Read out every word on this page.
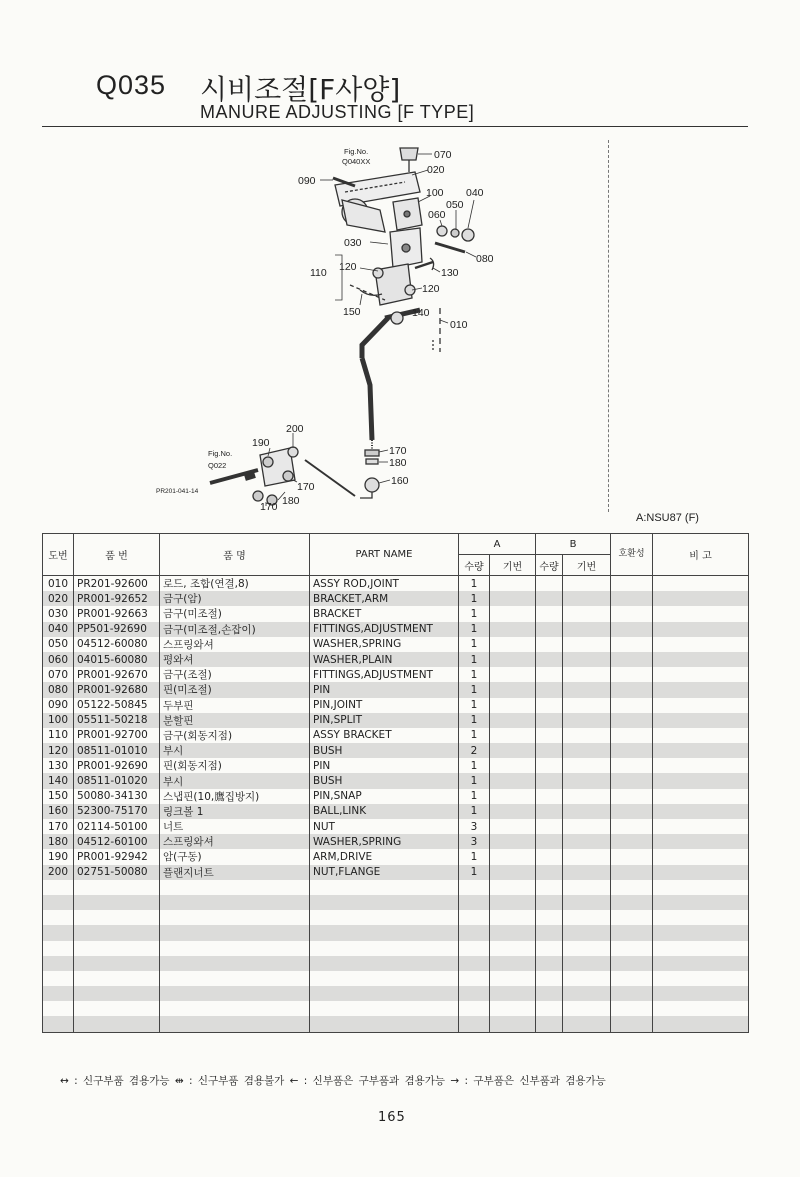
Q035 시비조절[F사양]
MANURE ADJUSTING [F TYPE]
Fig.No.
Q040XX
070
020
090
100 040
050
060
030
080
110 120	130
120
150	140
010
200
190
170
180
160
170
180
170
Fig.No.
Q022
PR201-041-14
A:NSU87 (F)
도번	품 번	품 명	PART NAME	A		B		호환성	비 고
				수량	기번	수량	기번		
010	PR201-92600	로드, 조합(연결,8)	ASSY ROD,JOINT	1					
020	PR001-92652	금구(암)	BRACKET,ARM	1					
030	PR001-92663	금구(미조절)	BRACKET	1					
040	PP501-92690	금구(미조절,손잡이)	FITTINGS,ADJUSTMENT	1					
050	04512-60080	스프링와셔	WASHER,SPRING	1					
060	04015-60080	평와셔	WASHER,PLAIN	1					
070	PR001-92670	금구(조절)	FITTINGS,ADJUSTMENT	1					
080	PR001-92680	핀(미조절)	PIN	1					
090	05122-50845	두부핀	PIN,JOINT	1					
100	05511-50218	분할핀	PIN,SPLIT	1					
110	PR001-92700	금구(회동지점)	ASSY BRACKET	1					
120	08511-01010	부시	BUSH	2					
130	PR001-92690	핀(회동지점)	PIN	1					
140	08511-01020	부시	BUSH	1					
150	50080-34130	스냅핀(10,鷹집방지)	PIN,SNAP	1					
160	52300-75170	링크볼 1	BALL,LINK	1					
170	02114-50100	너트	NUT	3					
180	04512-60100	스프링와셔	WASHER,SPRING	3					
190	PR001-92942	암(구동)	ARM,DRIVE	1					
200	02751-50080	플랜지너트	NUT,FLANGE	1					

↔ : 신구부품 겸용가능 ⇹ : 신구부품 겸용불가 ← : 신부품은 구부품과 겸용가능 → : 구부품은 신부품과 겸용가능
165
